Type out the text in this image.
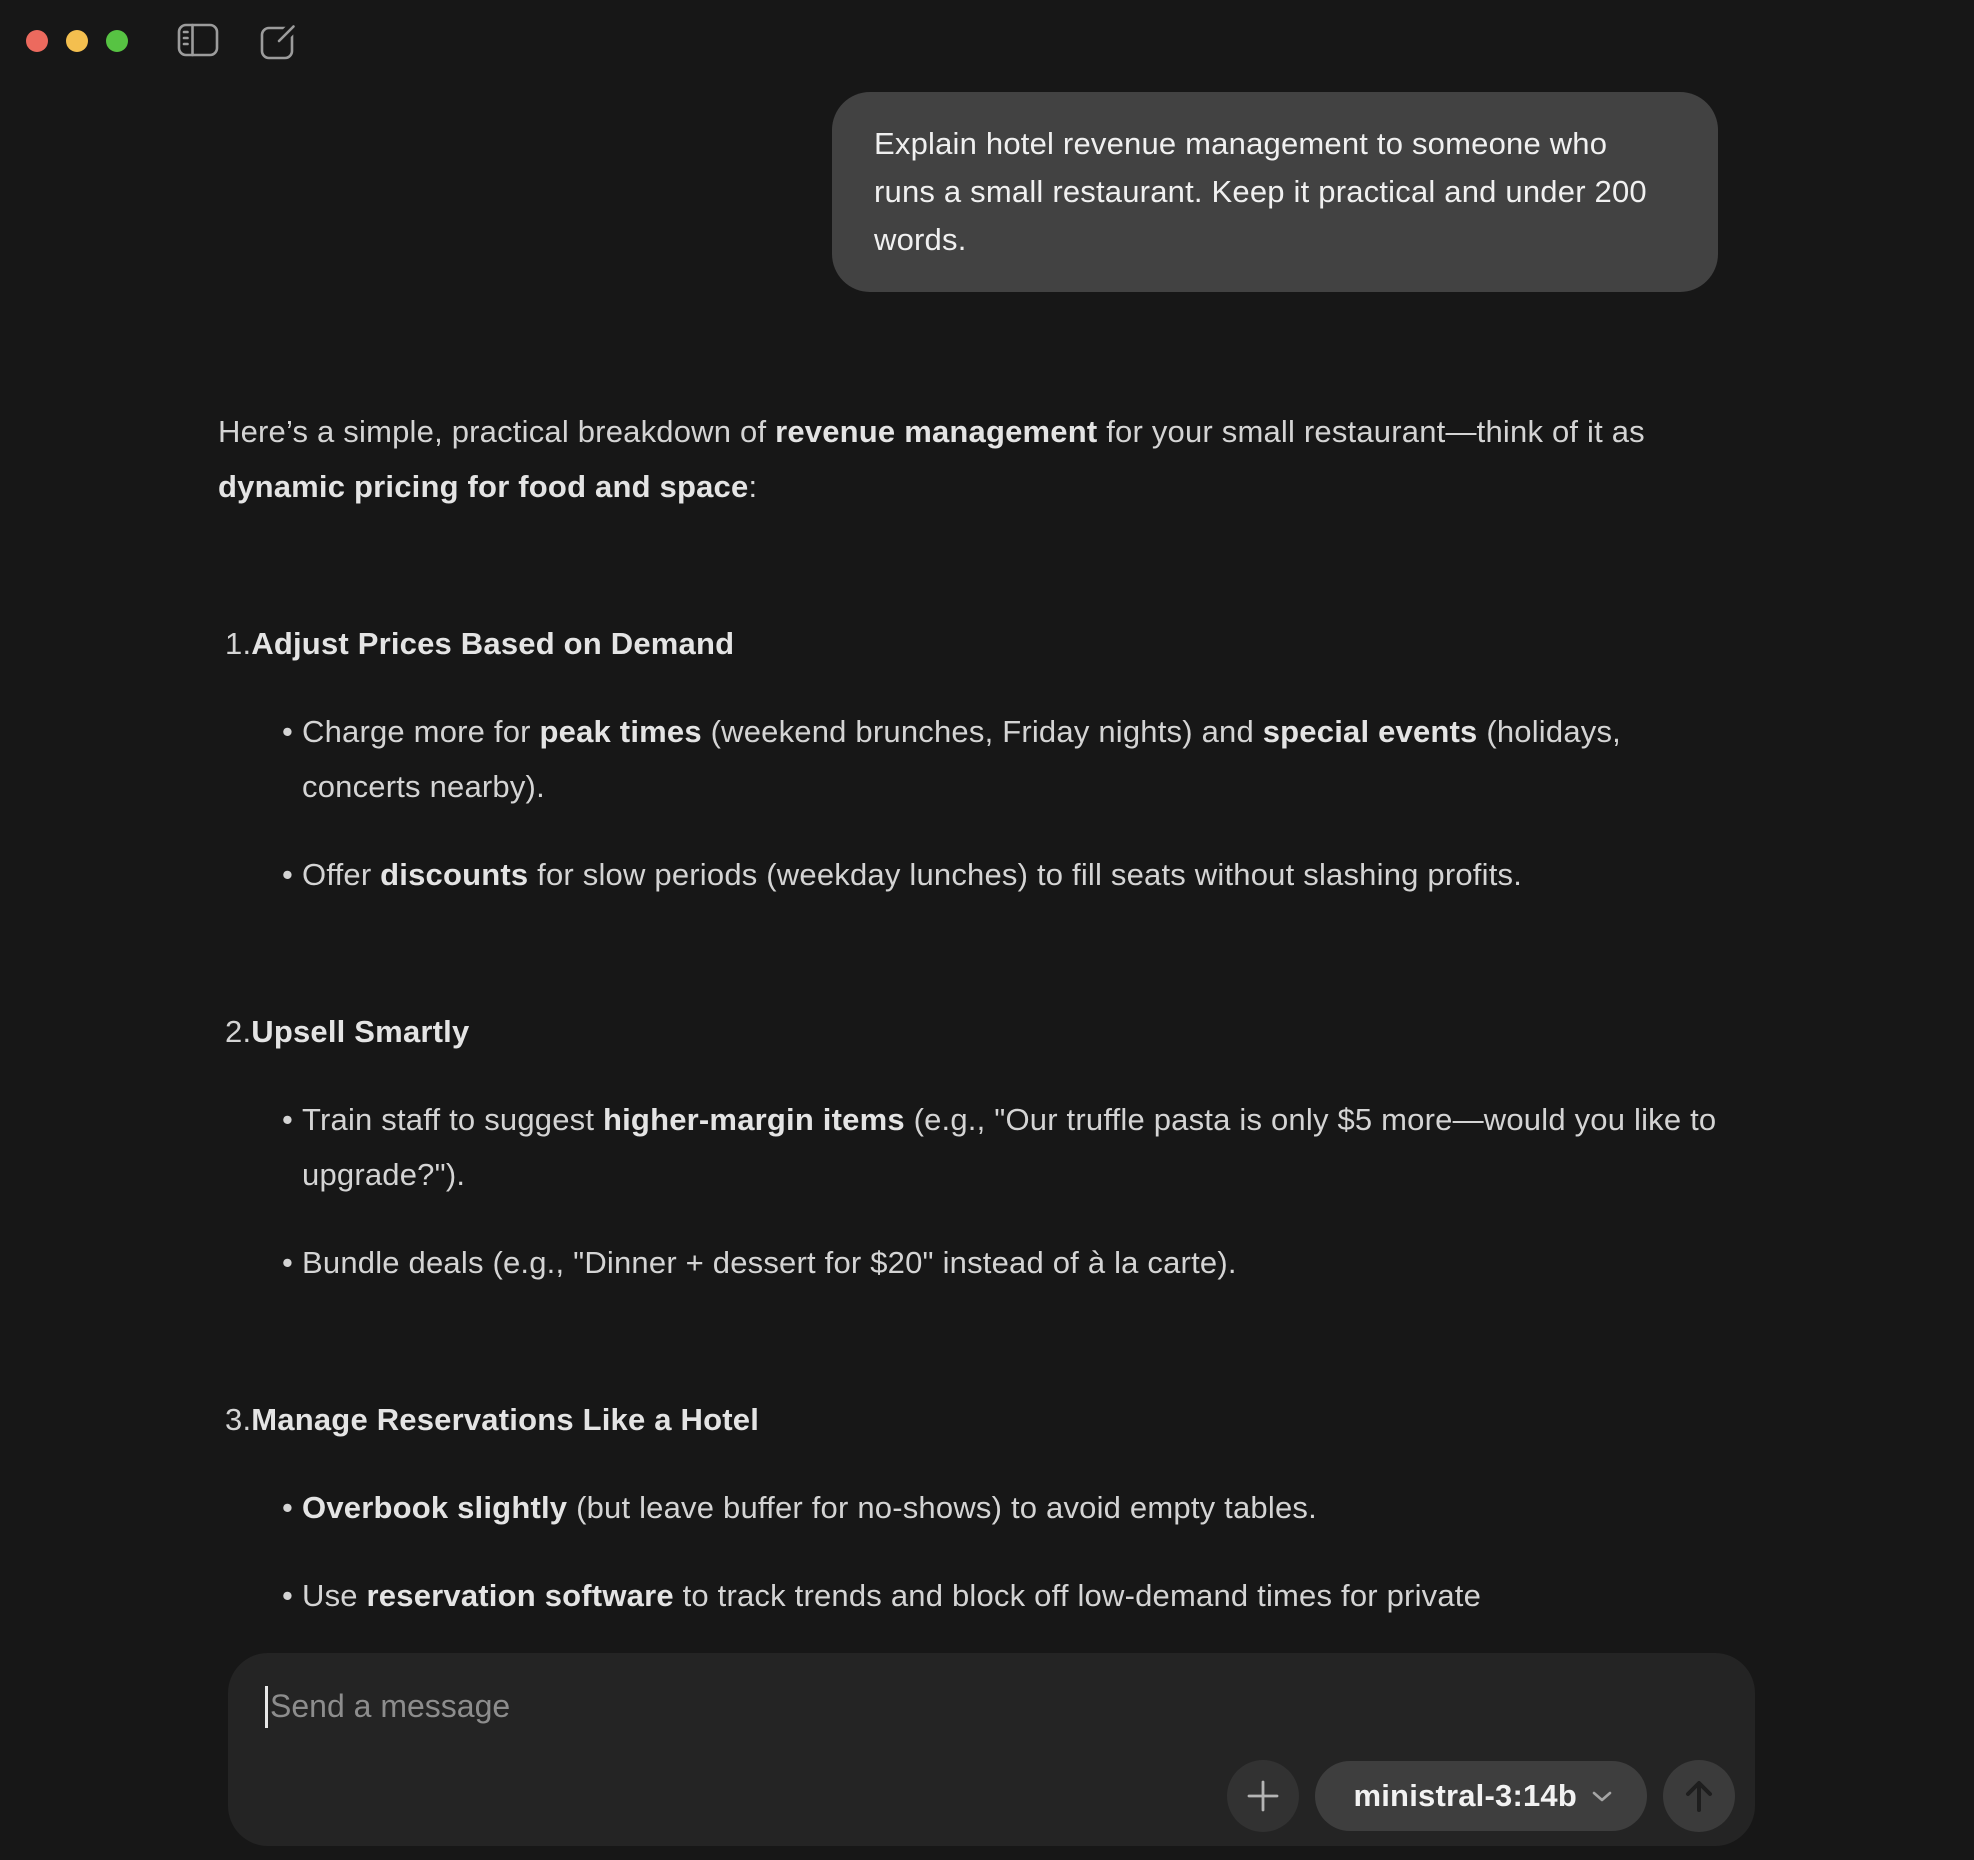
Explain hotel revenue management to someone who runs a small restaurant. Keep it practical and under 200 words.

Here’s a simple, practical breakdown of revenue management for your small restaurant—think of it as dynamic pricing for food and space:

1. Adjust Prices Based on Demand
• Charge more for peak times (weekend brunches, Friday nights) and special events (holidays, concerts nearby).
• Offer discounts for slow periods (weekday lunches) to fill seats without slashing profits.
2. Upsell Smartly
• Train staff to suggest higher-margin items (e.g., "Our truffle pasta is only $5 more—would you like to upgrade?").
• Bundle deals (e.g., "Dinner + dessert for $20" instead of à la carte).
3. Manage Reservations Like a Hotel
• Overbook slightly (but leave buffer for no-shows) to avoid empty tables.
• Use reservation software to track trends and block off low-demand times for private
Send a message
ministral-3:14b
